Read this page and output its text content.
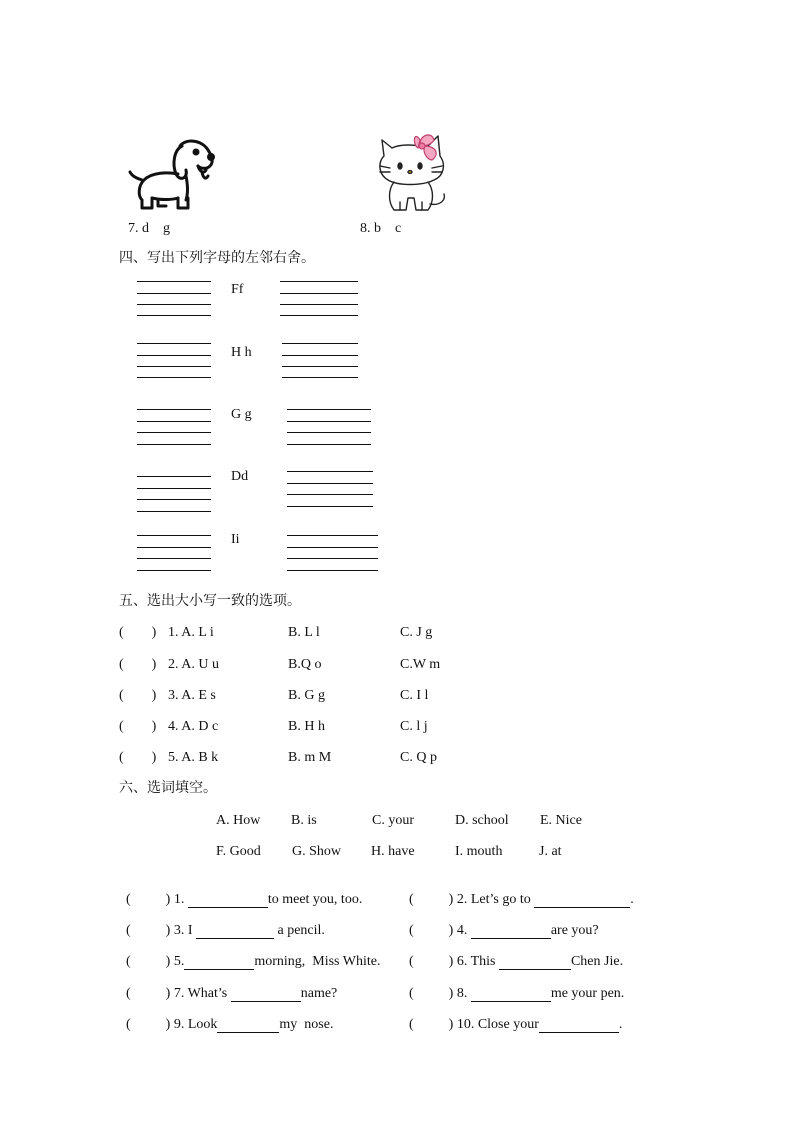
7. d    g	8. b    c
四、写出下列字母的左邻右舍。
Ff
H h
G g
Dd
Ii
五、选出大小写一致的选项。
(        ) 1. A. L i	B. L l	C. J g
(        ) 2. A. U u	B.Q o	C.W m
(        ) 3. A. E s	B. G g	C. I l
(        ) 4. A. D c	B. H h	C. l j
(        ) 5. A. B k	B. m M	C. Q p
六、选词填空。
A. How B. is	C. your	D. school E. Nice
F. Good G. Show H. have	I. mouth	J. at

(          ) 1.	to meet you, too.

(          ) 3. I	a pencil.

(          ) 5.	morning,  Miss White.

(          ) 7. What’s	name?

(          ) 9. Look	my  nose.

(          ) 2. Let’s go to	.

(          ) 4.	are you?

(          ) 6. This	Chen Jie.

(          ) 8.	me your pen.

(          ) 10. Close your	.
